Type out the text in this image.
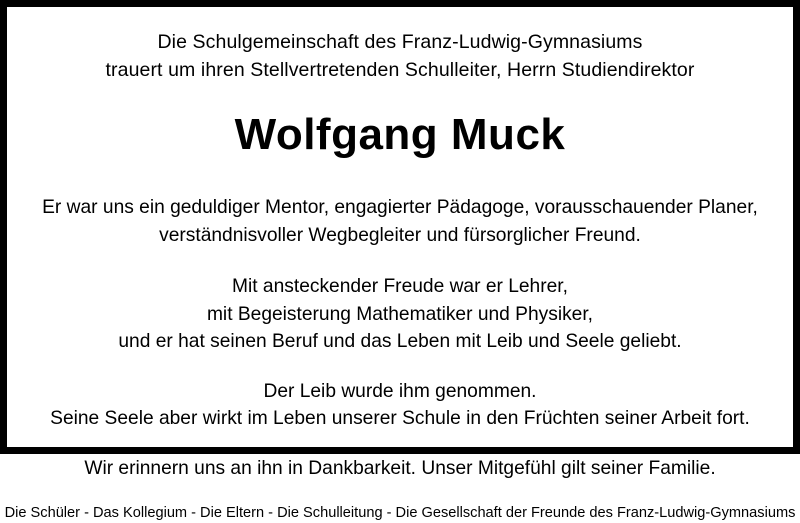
Die Schulgemeinschaft des Franz-Ludwig-Gymnasiums
trauert um ihren Stellvertretenden Schulleiter, Herrn Studiendirektor
Wolfgang Muck
Er war uns ein geduldiger Mentor, engagierter Pädagoge, vorausschauender Planer,
verständnisvoller Wegbegleiter und fürsorglicher Freund.
Mit ansteckender Freude war er Lehrer,
mit Begeisterung Mathematiker und Physiker,
und er hat seinen Beruf und das Leben mit Leib und Seele geliebt.
Der Leib wurde ihm genommen.
Seine Seele aber wirkt im Leben unserer Schule in den Früchten seiner Arbeit fort.
Wir erinnern uns an ihn in Dankbarkeit. Unser Mitgefühl gilt seiner Familie.
Die Schüler - Das Kollegium - Die Eltern - Die Schulleitung - Die Gesellschaft der Freunde des Franz-Ludwig-Gymnasiums
